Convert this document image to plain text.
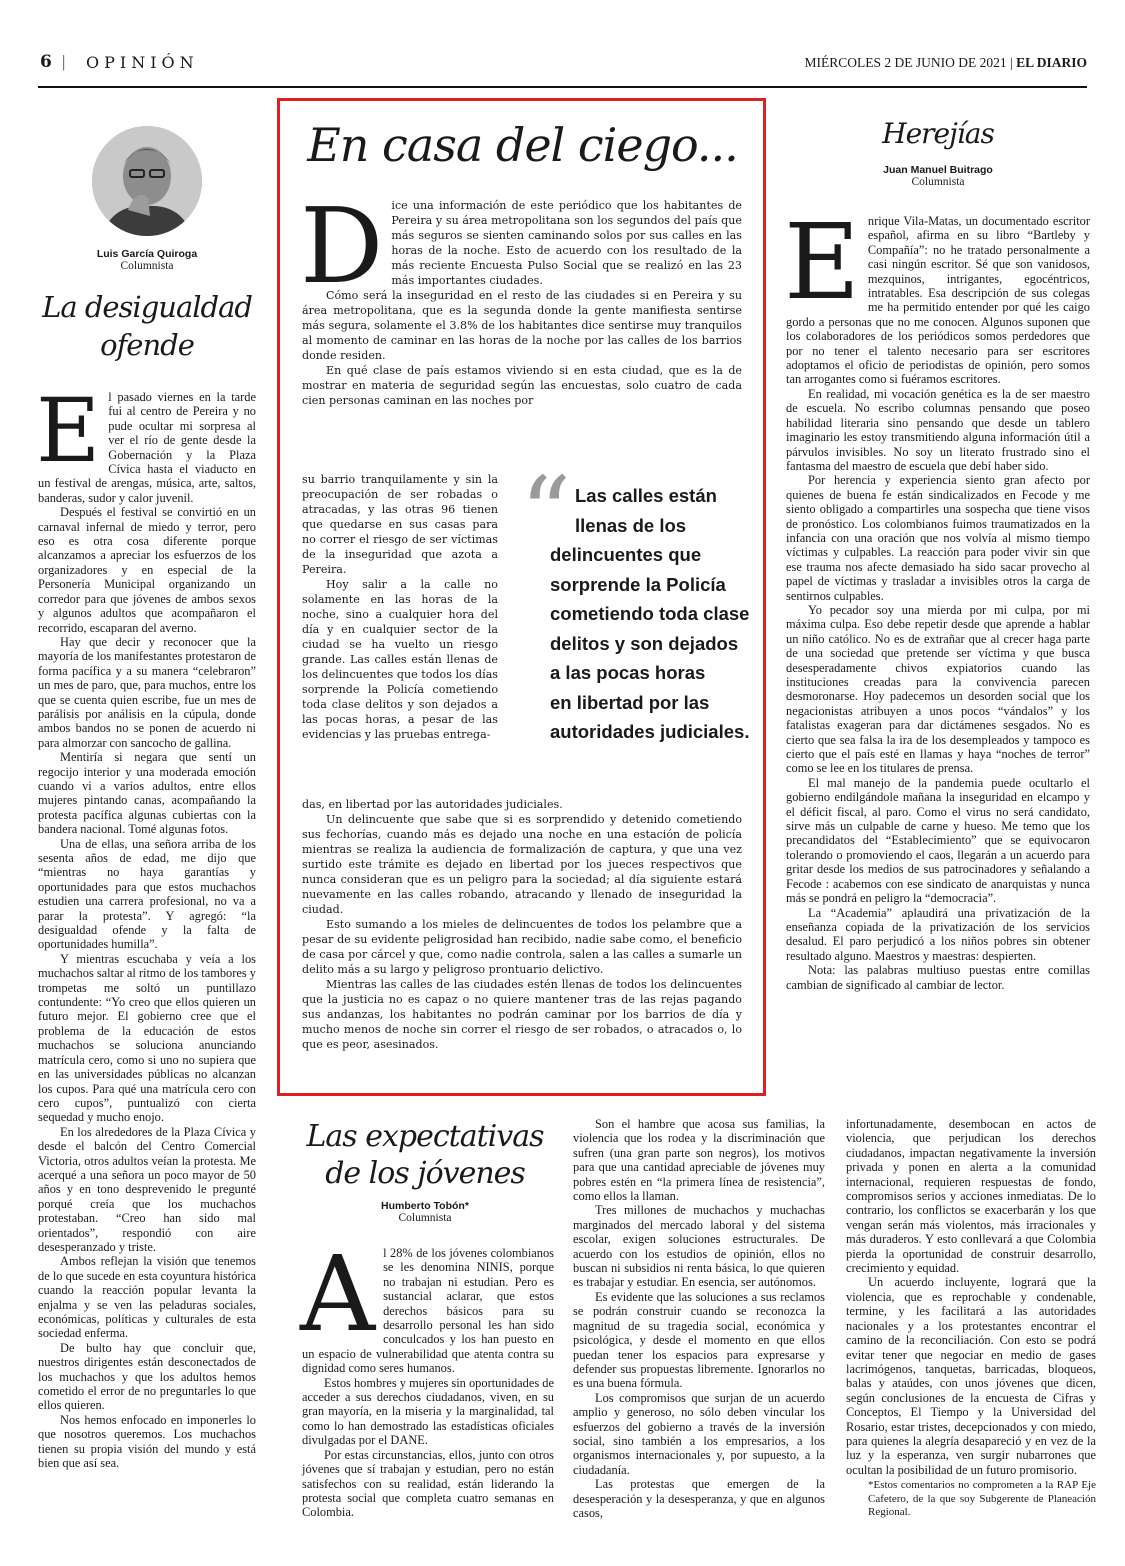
6 | OPINIÓN	MIÉRCOLES 2 DE JUNIO DE 2021 | EL DIARIO
Luis García Quiroga
Columnista
La desigualdad
ofende
E l pasado viernes en la tarde fui al centro de Pereira y no pude ocultar mi sorpresa al ver el río de gente desde la Gobernación y la Plaza Cívica hasta el viaducto en un festival de arengas, música, arte, saltos, banderas, sudor y calor juvenil.

Después el festival se convirtió en un carnaval infernal de miedo y terror, pero eso es otra cosa diferente porque alcanzamos a apreciar los esfuerzos de los organizadores y en especial de la Personería Municipal organizando un corredor para que jóvenes de ambos sexos y algunos adultos que acompañaron el recorrido, escaparan del averno.

Hay que decir y reconocer que la mayoría de los manifestantes protestaron de forma pacífica y a su manera “celebraron” un mes de paro, que, para muchos, entre los que se cuenta quien escribe, fue un mes de parálisis por análisis en la cúpula, donde ambos bandos no se ponen de acuerdo ni para almorzar con sancocho de gallina.

Mentiría si negara que sentí un regocijo interior y una moderada emoción cuando vi a varios adultos, entre ellos mujeres pintando canas, acompañando la protesta pacífica algunas cubiertas con la bandera nacional. Tomé algunas fotos.

Una de ellas, una señora arriba de los sesenta años de edad, me dijo que “mientras no haya garantías y oportunidades para que estos muchachos estudien una carrera profesional, no va a parar la protesta”. Y agregó: “la desigualdad ofende y la falta de oportunidades humilla”.

Y mientras escuchaba y veía a los muchachos saltar al ritmo de los tambores y trompetas me soltó un puntillazo contundente: “Yo creo que ellos quieren un futuro mejor. El gobierno cree que el problema de la educación de estos muchachos se soluciona anunciando matrícula cero, como si uno no supiera que en las universidades públicas no alcanzan los cupos. Para qué una matrícula cero con cero cupos”, puntualizó con cierta sequedad y mucho enojo.

En los alrededores de la Plaza Cívica y desde el balcón del Centro Comercial Victoria, otros adultos veían la protesta. Me acerqué a una señora un poco mayor de 50 años y en tono desprevenido le pregunté porqué creía que los muchachos protestaban. “Creo han sido mal orientados”, respondió con aire desesperanzado y triste.

Ambos reflejan la visión que tenemos de lo que sucede en esta coyuntura histórica cuando la reacción popular levanta la enjalma y se ven las peladuras sociales, económicas, políticas y culturales de esta sociedad enferma.

De bulto hay que concluir que, nuestros dirigentes están desconectados de los muchachos y que los adultos hemos cometido el error de no preguntarles lo que ellos quieren.

Nos hemos enfocado en imponerles lo que nosotros queremos. Los muchachos tienen su propia visión del mundo y está bien que así sea.

En casa del ciego...
D ice una información de este periódico que los habitantes de Pereira y su área metropolitana son los segundos del país que más seguros se sienten caminando solos por sus calles en las horas de la noche. Esto de acuerdo con los resultado de la más reciente Encuesta Pulso Social que se realizó en las 23 más importantes ciudades.

Cómo será la inseguridad en el resto de las ciudades si en Pereira y su área metropolitana, que es la segunda donde la gente manifiesta sentirse más segura, solamente el 3.8% de los habitantes dice sentirse muy tranquilos al momento de caminar en las horas de la noche por las calles de los barrios donde residen.

En qué clase de país estamos viviendo si en esta ciudad, que es la de mostrar en materia de seguridad según las encuestas, solo cuatro de cada cien personas caminan en las noches por

su barrio tranquilamente y sin la preocupación de ser robadas o atracadas, y las otras 96 tienen que quedarse en sus casas para no correr el riesgo de ser víctimas de la inseguridad que azota a Pereira.

Hoy salir a la calle no solamente en las horas de la noche, sino a cualquier hora del día y en cualquier sector de la ciudad se ha vuelto un riesgo grande. Las calles están llenas de los delincuentes que todos los días sorprende la Policía cometiendo toda clase delitos y son dejados a las pocas horas, a pesar de las evidencias y las pruebas entrega-

das, en libertad por las autoridades judiciales.

Un delincuente que sabe que si es sorprendido y detenido cometiendo sus fechorías, cuando más es dejado una noche en una estación de policía mientras se realiza la audiencia de formalización de captura, y que una vez surtido este trámite es dejado en libertad por los jueces respectivos que nunca consideran que es un peligro para la sociedad; al día siguiente estará nuevamente en las calles robando, atracando y llenado de inseguridad la ciudad.

Esto sumando a los mieles de delincuentes de todos los pelambre que a pesar de su evidente peligrosidad han recibido, nadie sabe como, el beneficio de casa por cárcel y que, como nadie controla, salen a las calles a sumarle un delito más a su largo y peligroso prontuario delictivo.

Mientras las calles de las ciudades estén llenas de todos los delincuentes que la justicia no es capaz o no quiere mantener tras de las rejas pagando sus andanzas, los habitantes no podrán caminar por los barrios de día y mucho menos de noche sin correr el riesgo de ser robados, o atracados o, lo que es peor, asesinados.

“ Las calles están
llenas de los
delincuentes que
sorprende la Policía
cometiendo toda clase
delitos y son dejados
a las pocas horas
en libertad por las
autoridades judiciales.
Herejías
Juan Manuel Buitrago
Columnista
E nrique Vila-Matas, un documentado escritor español, afirma en su libro “Bartleby y Compañía”: no he tratado personalmente a casi ningún escritor. Sé que son vanidosos, mezquinos, intrigantes, egocéntricos, intratables. Esa descripción de sus colegas me ha permitido entender por qué les caigo gordo a personas que no me conocen. Algunos suponen que los colaboradores de los periódicos somos perdedores que por no tener el talento necesario para ser escritores adoptamos el oficio de periodistas de opinión, pero somos tan arrogantes como si fuéramos escritores.

En realidad, mi vocación genética es la de ser maestro de escuela. No escribo columnas pensando que poseo habilidad literaria sino pensando que desde un tablero imaginario les estoy transmitiendo alguna información útil a párvulos invisibles. No soy un literato frustrado sino el fantasma del maestro de escuela que debí haber sido.

Por herencia y experiencia siento gran afecto por quienes de buena fe están sindicalizados en Fecode y me siento obligado a compartirles una sospecha que tiene visos de pronóstico. Los colombianos fuimos traumatizados en la infancia con una oración que nos volvía al mismo tiempo víctimas y culpables. La reacción para poder vivir sin que ese trauma nos afecte demasiado ha sido sacar provecho al papel de víctimas y trasladar a invisibles otros la carga de sentirnos culpables.

Yo pecador soy una mierda por mi culpa, por mi máxima culpa. Eso debe repetir desde que aprende a hablar un niño católico. No es de extrañar que al crecer haga parte de una sociedad que pretende ser víctima y que busca desesperadamente chivos expiatorios cuando las instituciones creadas para la convivencia parecen desmoronarse. Hoy padecemos un desorden social que los negacionistas atribuyen a unos pocos “vándalos” y los fatalistas exageran para dar dictámenes sesgados. No es cierto que sea falsa la ira de los desempleados y tampoco es cierto que el país esté en llamas y haya “noches de terror” como se lee en los titulares de prensa.

El mal manejo de la pandemia puede ocultarlo el gobierno endilgándole mañana la inseguridad en elcampo y el déficit fiscal, al paro. Como el virus no será candidato, sirve más un culpable de carne y hueso. Me temo que los precandidatos del “Establecimiento” que se equivocaron tolerando o promoviendo el caos, llegarán a un acuerdo para gritar desde los medios de sus patrocinadores y señalando a Fecode : acabemos con ese sindicato de anarquistas y nunca más se pondrá en peligro la “democracia”.

La “Academia” aplaudirá una privatización de la enseñanza copiada de la privatización de los servicios desalud. El paro perjudicó a los niños pobres sin obtener resultado alguno. Maestros y maestras: despierten.

Nota: las palabras multiuso puestas entre comillas cambian de significado al cambiar de lector.

Las expectativas
de los jóvenes
Humberto Tobón*
Columnista
A l 28% de los jóvenes colombianos se les denomina NINIS, porque no trabajan ni estudian. Pero es sustancial aclarar, que estos derechos básicos para su desarrollo personal les han sido conculcados y los han puesto en un espacio de vulnerabilidad que atenta contra su dignidad como seres humanos.

Estos hombres y mujeres sin oportunidades de acceder a sus derechos ciudadanos, viven, en su gran mayoría, en la miseria y la marginalidad, tal como lo han demostrado las estadísticas oficiales divulgadas por el DANE.

Por estas circunstancias, ellos, junto con otros jóvenes que sí trabajan y estudian, pero no están satisfechos con su realidad, están liderando la protesta social que completa cuatro semanas en Colombia.

Son el hambre que acosa sus familias, la violencia que los rodea y la discriminación que sufren (una gran parte son negros), los motivos para que una cantidad apreciable de jóvenes muy pobres estén en “la primera línea de resistencia”, como ellos la llaman.

Tres millones de muchachos y muchachas marginados del mercado laboral y del sistema escolar, exigen soluciones estructurales. De acuerdo con los estudios de opinión, ellos no buscan ni subsidios ni renta básica, lo que quieren es trabajar y estudiar. En esencia, ser autónomos.

Es evidente que las soluciones a sus reclamos se podrán construir cuando se reconozca la magnitud de su tragedia social, económica y psicológica, y desde el momento en que ellos puedan tener los espacios para expresarse y defender sus propuestas libremente. Ignorarlos no es una buena fórmula.

Los compromisos que surjan de un acuerdo amplio y generoso, no sólo deben vincular los esfuerzos del gobierno a través de la inversión social, sino también a los empresarios, a los organismos internacionales y, por supuesto, a la ciudadanía.

Las protestas que emergen de la desesperación y la desesperanza, y que en algunos casos,

infortunadamente, desembocan en actos de violencia, que perjudican los derechos ciudadanos, impactan negativamente la inversión privada y ponen en alerta a la comunidad internacional, requieren respuestas de fondo, compromisos serios y acciones inmediatas. De lo contrario, los conflictos se exacerbarán y los que vengan serán más violentos, más irracionales y más duraderos. Y esto conllevará a que Colombia pierda la oportunidad de construir desarrollo, crecimiento y equidad.

Un acuerdo incluyente, logrará que la violencia, que es reprochable y condenable, termine, y les facilitará a las autoridades nacionales y a los protestantes encontrar el camino de la reconciliación. Con esto se podrá evitar tener que negociar en medio de gases lacrimógenos, tanquetas, barricadas, bloqueos, balas y ataúdes, con unos jóvenes que dicen, según conclusiones de la encuesta de Cifras y Conceptos, El Tiempo y la Universidad del Rosario, estar tristes, decepcionados y con miedo, para quienes la alegría desapareció y en vez de la luz y la esperanza, ven surgir nubarrones que ocultan la posibilidad de un futuro promisorio.

*Estos comentarios no comprometen a la RAP Eje Cafetero, de la que soy Subgerente de Planeación Regional.
